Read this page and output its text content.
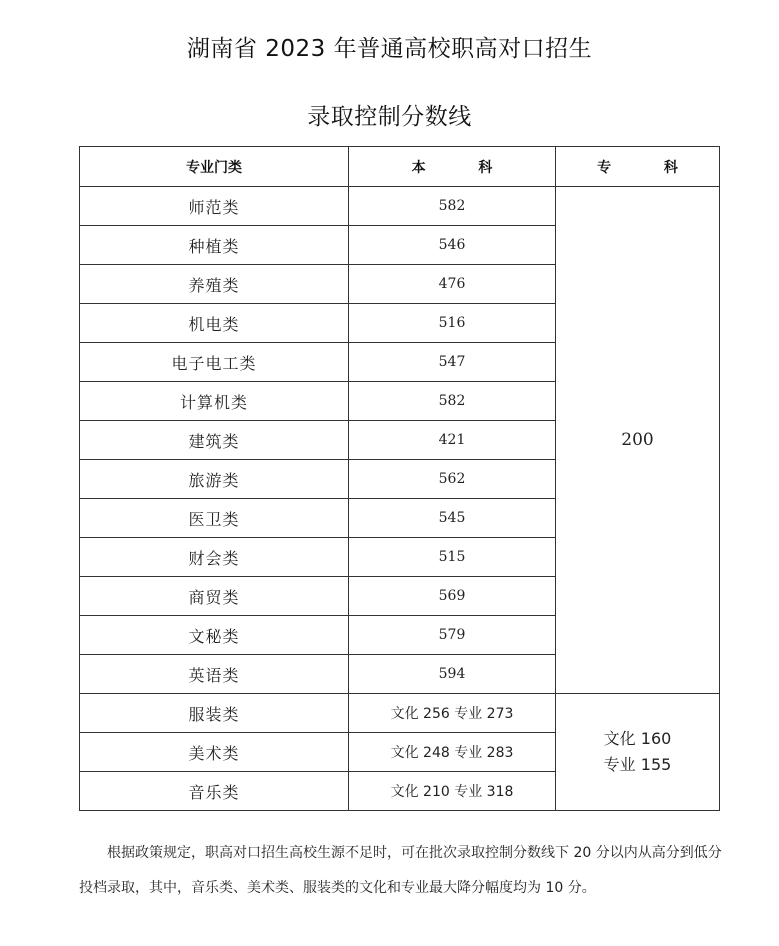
湖南省 2023 年普通高校职高对口招生
录取控制分数线
专业门类	本 科	专 科
师范类	582	200
种植类	546	
养殖类	476	
机电类	516	
电子电工类	547	
计算机类	582	
建筑类	421	
旅游类	562	
医卫类	545	
财会类	515	
商贸类	569	
文秘类	579	
英语类	594	
服装类	文化 256 专业 273	文化 160
专业 155

美术类	文化 248 专业 283	
音乐类	文化 210 专业 318	

根据政策规定，职高对口招生高校生源不足时，可在批次录取控制分数线下 20 分以内从高分到低分投档录取，其中，音乐类、美术类、服装类的文化和专业最大降分幅度均为 10 分。
